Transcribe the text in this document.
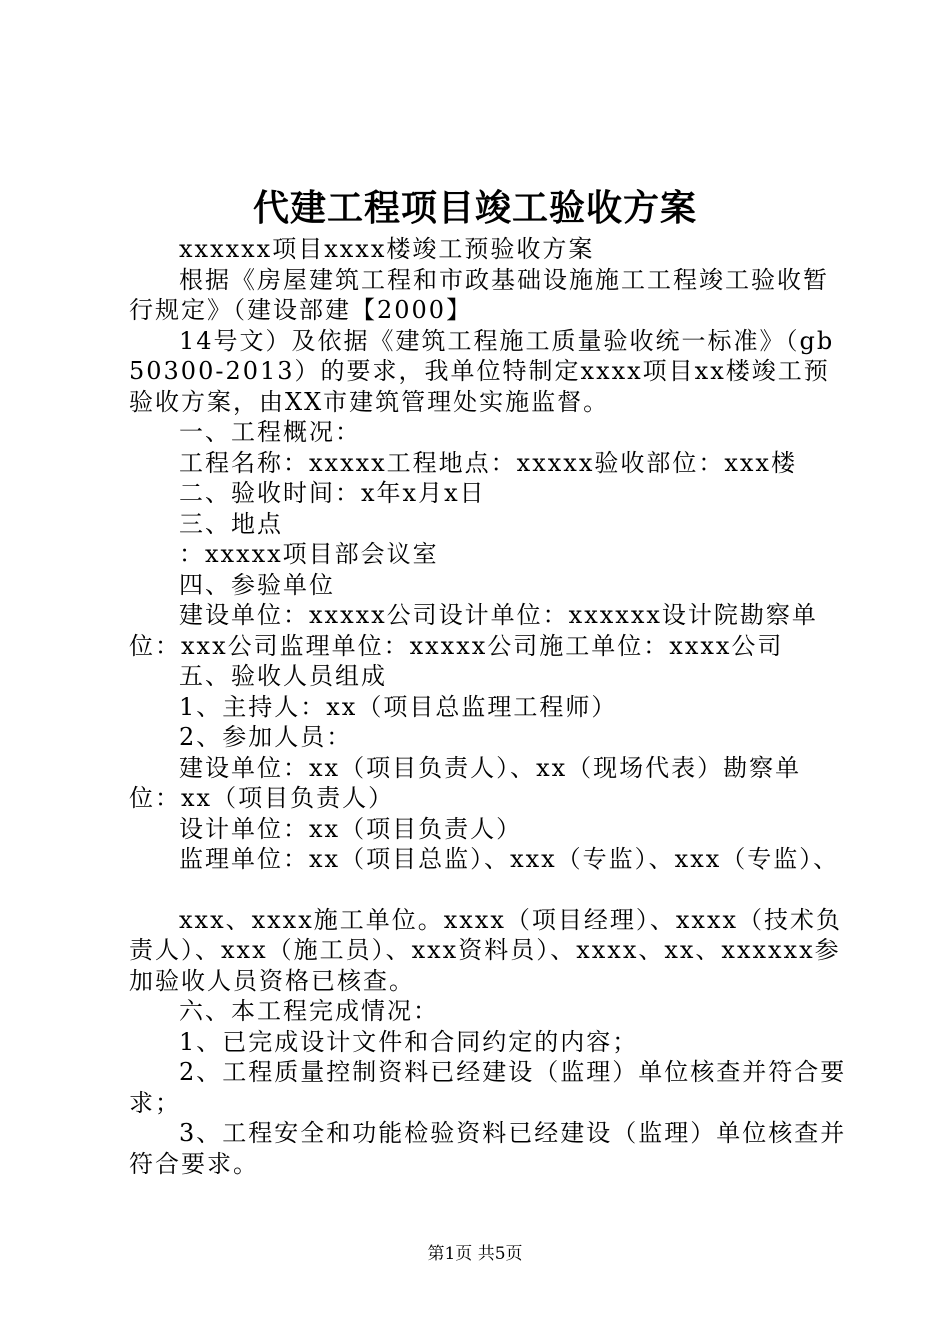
代建工程项目竣工验收方案

xxxxxx项目xxxx楼竣工预验收方案

根据《房屋建筑工程和市政基础设施施工工程竣工验收暂行规定》（建设部建【2000】

14号文）及依据《建筑工程施工质量验收统一标准》（gb50300-2013）的要求，我单位特制定xxxx项目xx楼竣工预验收方案，由XX市建筑管理处实施监督。

一、工程概况：

工程名称：xxxxx工程地点：xxxxx验收部位：xxx楼

二、验收时间：x年x月x日

三、地点

：xxxxx项目部会议室

四、参验单位

建设单位：xxxxx公司设计单位：xxxxxx设计院勘察单位：xxx公司监理单位：xxxxx公司施工单位：xxxx公司

五、验收人员组成

1、主持人：xx（项目总监理工程师）

2、参加人员：

建设单位：xx（项目负责人）、xx（现场代表）勘察单位：xx（项目负责人）

设计单位：xx（项目负责人）

监理单位：xx（项目总监）、xxx（专监）、xxx（专监）、

xxx、xxxx施工单位。xxxx（项目经理）、xxxx（技术负责人）、xxx（施工员）、xxx资料员）、xxxx、xx、xxxxxx参加验收人员资格已核查。

六、本工程完成情况：

1、已完成设计文件和合同约定的内容；

2、工程质量控制资料已经建设（监理）单位核查并符合要求；

3、工程安全和功能检验资料已经建设（监理）单位核查并符合要求。

第1页 共5页
